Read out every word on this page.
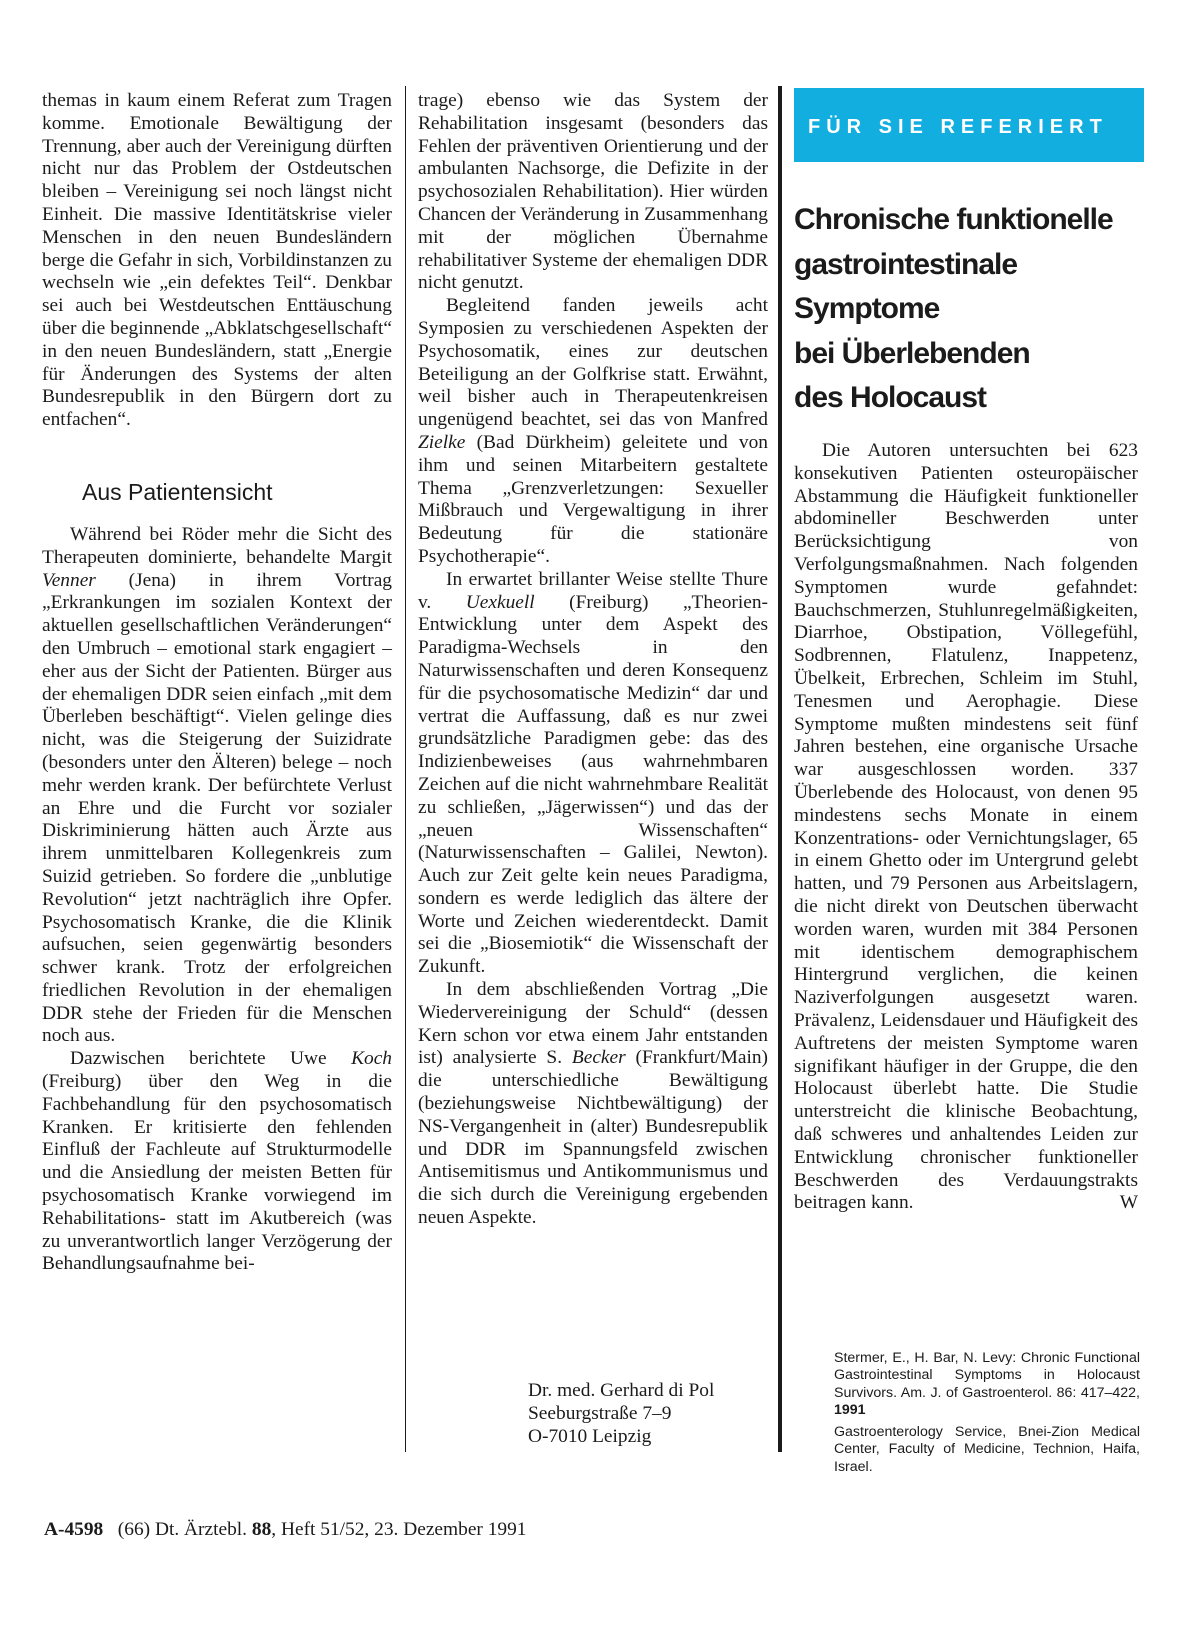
themas in kaum einem Referat zum Tragen komme. Emotionale Bewältigung der Trennung, aber auch der Vereinigung dürften nicht nur das Problem der Ostdeutschen bleiben – Vereinigung sei noch längst nicht Einheit. Die massive Identitätskrise vieler Menschen in den neuen Bundesländern berge die Gefahr in sich, Vorbildinstanzen zu wechseln wie „ein defektes Teil“. Denkbar sei auch bei Westdeutschen Enttäuschung über die beginnende „Abklatschgesellschaft“ in den neuen Bundesländern, statt „Energie für Änderungen des Systems der alten Bundesrepublik in den Bürgern dort zu entfachen“.

Aus Patientensicht

Während bei Röder mehr die Sicht des Therapeuten dominierte, behandelte Margit Venner (Jena) in ihrem Vortrag „Erkrankungen im sozialen Kontext der aktuellen gesellschaftlichen Veränderungen“ den Umbruch – emotional stark engagiert – eher aus der Sicht der Patienten. Bürger aus der ehemaligen DDR seien einfach „mit dem Überleben beschäftigt“. Vielen gelinge dies nicht, was die Steigerung der Suizidrate (besonders unter den Älteren) belege – noch mehr werden krank. Der befürchtete Verlust an Ehre und die Furcht vor sozialer Diskriminierung hätten auch Ärzte aus ihrem unmittelbaren Kollegenkreis zum Suizid getrieben. So fordere die „unblutige Revolution“ jetzt nachträglich ihre Opfer. Psychosomatisch Kranke, die die Klinik aufsuchen, seien gegenwärtig besonders schwer krank. Trotz der erfolgreichen friedlichen Revolution in der ehemaligen DDR stehe der Frieden für die Menschen noch aus.

Dazwischen berichtete Uwe Koch (Freiburg) über den Weg in die Fachbehandlung für den psychosomatisch Kranken. Er kritisierte den fehlenden Einfluß der Fachleute auf Strukturmodelle und die Ansiedlung der meisten Betten für psychosomatisch Kranke vorwiegend im Rehabilitations- statt im Akutbereich (was zu unverantwortlich langer Verzögerung der Behandlungsaufnahme bei-

trage) ebenso wie das System der Rehabilitation insgesamt (besonders das Fehlen der präventiven Orientierung und der ambulanten Nachsorge, die Defizite in der psychosozialen Rehabilitation). Hier würden Chancen der Veränderung in Zusammenhang mit der möglichen Übernahme rehabilitativer Systeme der ehemaligen DDR nicht genutzt.

Begleitend fanden jeweils acht Symposien zu verschiedenen Aspekten der Psychosomatik, eines zur deutschen Beteiligung an der Golfkrise statt. Erwähnt, weil bisher auch in Therapeutenkreisen ungenügend beachtet, sei das von Manfred Zielke (Bad Dürkheim) geleitete und von ihm und seinen Mitarbeitern gestaltete Thema „Grenzverletzungen: Sexueller Mißbrauch und Vergewaltigung in ihrer Bedeutung für die stationäre Psychotherapie“.

In erwartet brillanter Weise stellte Thure v. Uexkuell (Freiburg) „Theorien-Entwicklung unter dem Aspekt des Paradigma-Wechsels in den Naturwissenschaften und deren Konsequenz für die psychosomatische Medizin“ dar und vertrat die Auffassung, daß es nur zwei grundsätzliche Paradigmen gebe: das des Indizienbeweises (aus wahrnehmbaren Zeichen auf die nicht wahrnehmbare Realität zu schließen, „Jägerwissen“) und das der „neuen Wissenschaften“ (Naturwissenschaften – Galilei, Newton). Auch zur Zeit gelte kein neues Paradigma, sondern es werde lediglich das ältere der Worte und Zeichen wiederentdeckt. Damit sei die „Biosemiotik“ die Wissenschaft der Zukunft.

In dem abschließenden Vortrag „Die Wiedervereinigung der Schuld“ (dessen Kern schon vor etwa einem Jahr entstanden ist) analysierte S. Becker (Frankfurt/Main) die unterschiedliche Bewältigung (beziehungsweise Nichtbewältigung) der NS-Vergangenheit in (alter) Bundesrepublik und DDR im Spannungsfeld zwischen Antisemitismus und Antikommunismus und die sich durch die Vereinigung ergebenden neuen Aspekte.

Dr. med. Gerhard di Pol
Seeburgstraße 7–9
O-7010 Leipzig
FÜR SIE REFERIERT
Chronische funktionelle
gastrointestinale
Symptome
bei Überlebenden
des Holocaust

Die Autoren untersuchten bei 623 konsekutiven Patienten osteuropäischer Abstammung die Häufigkeit funktioneller abdomineller Beschwerden unter Berücksichtigung von Verfolgungsmaßnahmen. Nach folgenden Symptomen wurde gefahndet: Bauchschmerzen, Stuhlunregelmäßigkeiten, Diarrhoe, Obstipation, Völlegefühl, Sodbrennen, Flatulenz, Inappetenz, Übelkeit, Erbrechen, Schleim im Stuhl, Tenesmen und Aerophagie. Diese Symptome mußten mindestens seit fünf Jahren bestehen, eine organische Ursache war ausgeschlossen worden. 337 Überlebende des Holocaust, von denen 95 mindestens sechs Monate in einem Konzentrations- oder Vernichtungslager, 65 in einem Ghetto oder im Untergrund gelebt hatten, und 79 Personen aus Arbeitslagern, die nicht direkt von Deutschen überwacht worden waren, wurden mit 384 Personen mit identischem demographischem Hintergrund verglichen, die keinen Naziverfolgungen ausgesetzt waren. Prävalenz, Leidensdauer und Häufigkeit des Auftretens der meisten Symptome waren signifikant häufiger in der Gruppe, die den Holocaust überlebt hatte. Die Studie unterstreicht die klinische Beobachtung, daß schweres und anhaltendes Leiden zur Entwicklung chronischer funktioneller Beschwerden des Verdauungstrakts beitragen kann.	W

Stermer, E., H. Bar, N. Levy: Chronic Functional Gastrointestinal Symptoms in Holocaust Survivors. Am. J. of Gastroenterol. 86: 417–422, 1991

Gastroenterology Service, Bnei-Zion Medical Center, Faculty of Medicine, Technion, Haifa, Israel.

A-4598 (66) Dt. Ärztebl. 88, Heft 51/52, 23. Dezember 1991
